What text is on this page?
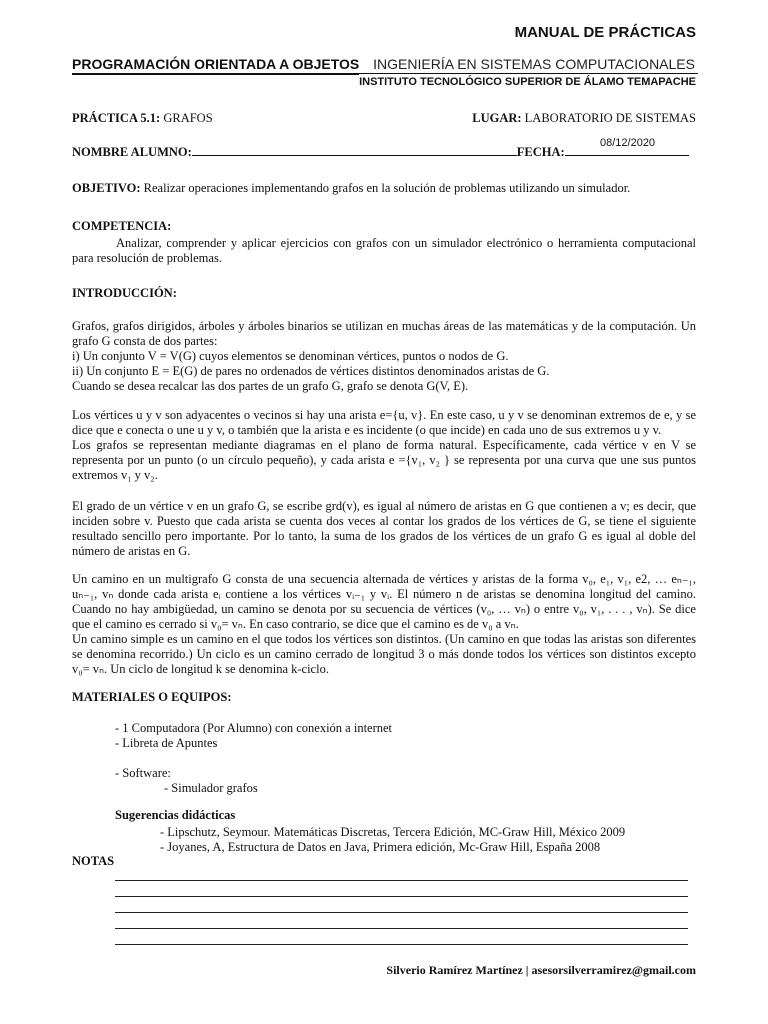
MANUAL DE PRÁCTICAS
PROGRAMACIÓN ORIENTADA A OBJETOS INGENIERÍA EN SISTEMAS COMPUTACIONALES
INSTITUTO TECNOLÓGICO SUPERIOR DE ÁLAMO TEMAPACHE
PRÁCTICA 5.1: GRAFOS	LUGAR: LABORATORIO DE SISTEMAS
08/12/2020
NOMBRE ALUMNO:	FECHA:
OBJETIVO: Realizar operaciones implementando grafos en la solución de problemas utilizando un simulador.
COMPETENCIA:
Analizar, comprender y aplicar ejercicios con grafos con un simulador electrónico o herramienta computacional para resolución de problemas.
INTRODUCCIÓN:
Grafos, grafos dirigidos, árboles y árboles binarios se utilizan en muchas áreas de las matemáticas y de la computación. Un grafo G consta de dos partes:
i) Un conjunto V = V(G) cuyos elementos se denominan vértices, puntos o nodos de G.
ii) Un conjunto E = E(G) de pares no ordenados de vértices distintos denominados aristas de G.
Cuando se desea recalcar las dos partes de un grafo G, grafo se denota G(V, E).
Los vértices u y v son adyacentes o vecinos si hay una arista e={u, v}. En este caso, u y v se denominan extremos de e, y se dice que e conecta o une u y v, o también que la arista e es incidente (o que incide) en cada uno de sus extremos u y v.
Los grafos se representan mediante diagramas en el plano de forma natural. Específicamente, cada vértice v en V se representa por un punto (o un círculo pequeño), y cada arista e ={v₁, v₂ } se representa por una curva que une sus puntos extremos v₁ y v₂.
El grado de un vértice v en un grafo G, se escribe grd(v), es igual al número de aristas en G que contienen a v; es decir, que inciden sobre v. Puesto que cada arista se cuenta dos veces al contar los grados de los vértices de G, se tiene el siguiente resultado sencillo pero importante. Por lo tanto, la suma de los grados de los vértices de un grafo G es igual al doble del número de aristas en G.
Un camino en un multigrafo G consta de una secuencia alternada de vértices y aristas de la forma v₀, e₁, v₁, e2, … eₙ₋₁, uₙ₋₁, vₙ donde cada arista eᵢ contiene a los vértices vᵢ₋₁ y vᵢ. El número n de aristas se denomina longitud del camino. Cuando no hay ambigüedad, un camino se denota por su secuencia de vértices (v₀, … vₙ) o entre v₀, v₁, . . . , vₙ). Se dice que el camino es cerrado si v₀= vₙ. En caso contrario, se dice que el camino es de v₀ a vₙ.
Un camino simple es un camino en el que todos los vértices son distintos. (Un camino en que todas las aristas son diferentes se denomina recorrido.) Un ciclo es un camino cerrado de longitud 3 o más donde todos los vértices son distintos excepto v₀= vₙ. Un ciclo de longitud k se denomina k-ciclo.
MATERIALES O EQUIPOS:
- 1 Computadora (Por Alumno) con conexión a internet
- Libreta de Apuntes
- Software:
- Simulador grafos
Sugerencias didácticas
- Lipschutz, Seymour. Matemáticas Discretas, Tercera Edición, MC-Graw Hill, México 2009
- Joyanes, A, Estructura de Datos en Java, Primera edición, Mc-Graw Hill, España 2008
NOTAS
Silverio Ramírez Martínez | asesorsilverramirez@gmail.com
